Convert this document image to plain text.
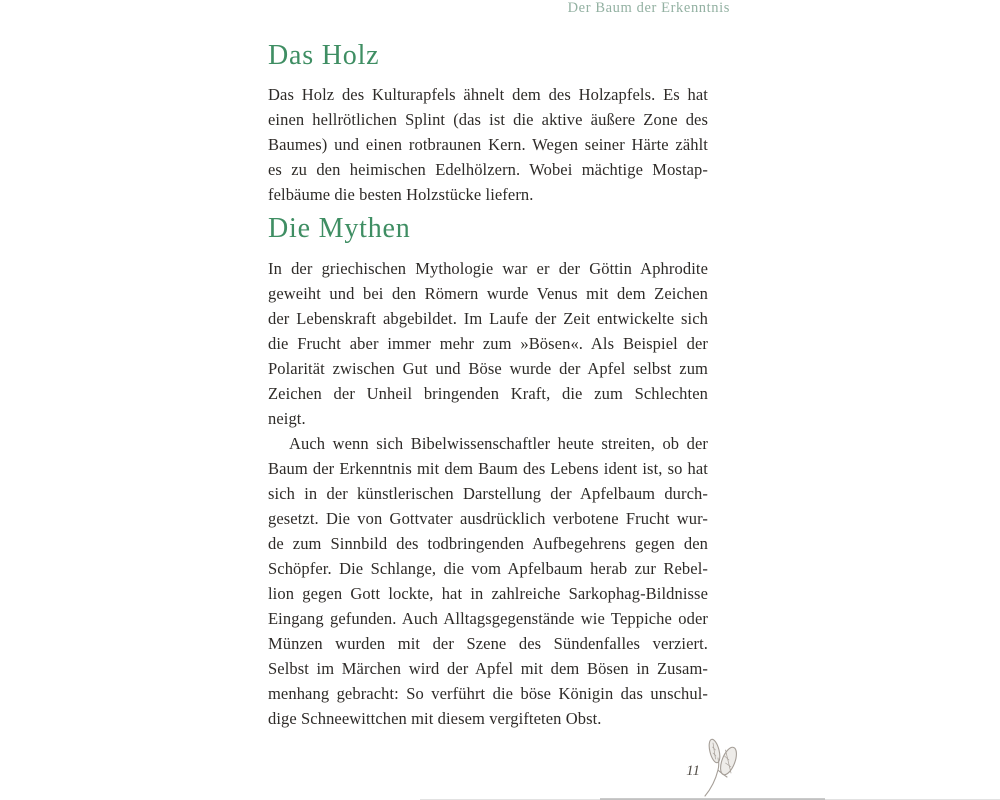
Der Baum der Erkenntnis
Das Holz
Das Holz des Kulturapfels ähnelt dem des Holzapfels. Es hat
einen hellrötlichen Splint (das ist die aktive äußere Zone des
Baumes) und einen rotbraunen Kern. Wegen seiner Härte zählt
es zu den heimischen Edelhölzern. Wobei mächtige Mostap-
felbäume die besten Holzstücke liefern.
Die Mythen
In der griechischen Mythologie war er der Göttin Aphrodite
geweiht und bei den Römern wurde Venus mit dem Zeichen
der Lebenskraft abgebildet. Im Laufe der Zeit entwickelte sich
die Frucht aber immer mehr zum »Bösen«. Als Beispiel der
Polarität zwischen Gut und Böse wurde der Apfel selbst zum
Zeichen der Unheil bringenden Kraft, die zum Schlechten
neigt.
Auch wenn sich Bibelwissenschaftler heute streiten, ob der
Baum der Erkenntnis mit dem Baum des Lebens ident ist, so hat
sich in der künstlerischen Darstellung der Apfelbaum durch-
gesetzt. Die von Gottvater ausdrücklich verbotene Frucht wur-
de zum Sinnbild des todbringenden Aufbegehrens gegen den
Schöpfer. Die Schlange, die vom Apfelbaum herab zur Rebel-
lion gegen Gott lockte, hat in zahlreiche Sarkophag-Bildnisse
Eingang gefunden. Auch Alltagsgegenstände wie Teppiche oder
Münzen wurden mit der Szene des Sündenfalles verziert.
Selbst im Märchen wird der Apfel mit dem Bösen in Zusam-
menhang gebracht: So verführt die böse Königin das unschul-
dige Schneewittchen mit diesem vergifteten Obst.
11
